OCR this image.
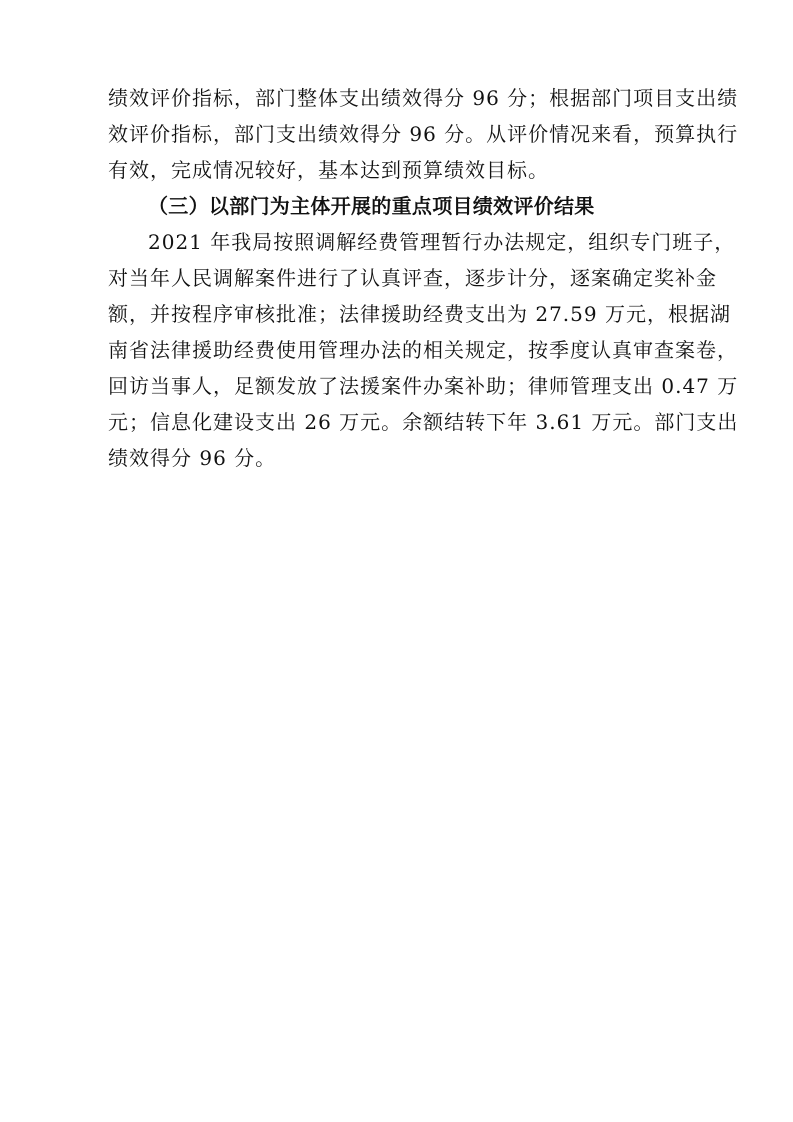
绩效评价指标，部门整体支出绩效得分 96 分；根据部门项目支出绩
效评价指标，部门支出绩效得分 96 分。从评价情况来看，预算执行
有效，完成情况较好，基本达到预算绩效目标。
（三）以部门为主体开展的重点项目绩效评价结果
2021 年我局按照调解经费管理暂行办法规定，组织专门班子，
对当年人民调解案件进行了认真评查，逐步计分，逐案确定奖补金
额，并按程序审核批准；法律援助经费支出为 27.59 万元，根据湖
南省法律援助经费使用管理办法的相关规定，按季度认真审查案卷，
回访当事人，足额发放了法援案件办案补助；律师管理支出 0.47 万
元；信息化建设支出 26 万元。余额结转下年 3.61 万元。部门支出
绩效得分 96 分。
